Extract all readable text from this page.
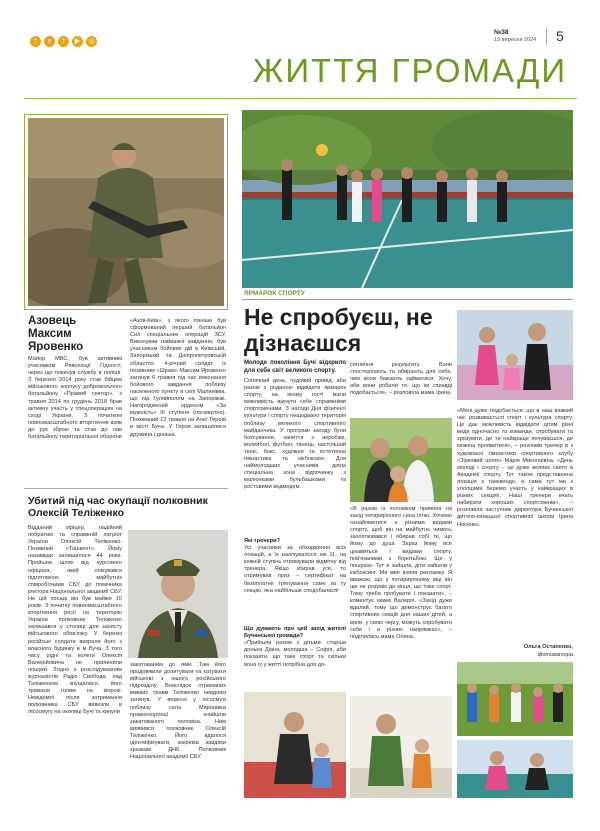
f v t ▶ ◎
№38
19 вересня 2024 5
ЖИТТЯ ГРОМАДИ
Азовець Максим Яровенко
Майор МВС, був активним учасником Революції Гідності, через що покинув службу в поліції. З березня 2014 року став бійцем військового корпусу добровольчого батальйону «Правий сектор», з травня 2014 по грудень 2018 брав активну участь у спецопераціях на сході України. З початком повномасштабного вторгнення взяв до рук зброю та став до лав батальйону територіальної оборони
«Азов-Київ», з якого пізніше був сформований перший батальйон Сил спеціальних операцій ЗСУ. Виконував найважчі завдання, був учасником бойових дій в Київській, Запорізькій та Дніпропетровській областях. 4-річний солдат із позивним «Шрам» Максим Яровенко загинув 6 травня під час виконання бойового завдання поблизу населеного пункту в селі Малинівка, що під Гуляйполем на Запоріжжі. Нагороджений орденом «За мужність» III ступеня (посмертно). Похований 12 травня на Алеї Героїв в місті Буча. У Героя залишилися дружина і донька.
Убитий під час окупації полковник Олексій Теліженко
Відданий офіцер, надійний побратим та справжній патріот України Олексій Теліженко. Позивний «Ташкент». Йому назавжди залишилося 44 роки. Пройшов шлях від курсового офіцера, який опікувався підготовкою майбутніх співробітників СБУ, до помічника ректора Національної академії СБУ. Не цій посаді він був майже 10 років. З початку повномасштабного вторгнення росії на територію України полковник Теліженко залишався у столиці для захисту військового обов'язку. У березні російські солдати викрали його з власного будинку в м Буча. З того часу рідні та колеги Олексія Валерійовича не припиняли пошуки. Згідно з розслідуванням журналістів Радіо Свобода, над Теліженком знущалися, його тримали голим на морозі. Невідомої після затримання полковника СБУ вивезли в лісосмугу на околиці Бучі та кинули
закатованим до ями. Там його продовжили допитувати та катувати військові з іншого російського підрозділу. Внаслідок отриманих важких травм Теліженко невдовзі загинув. У вересні у лісосмузі поблизу села Миронівка правоохоронці знайшли закатованого чоловіка. Ним виявився полковник Олексій Теліженко. Його вдалося ідентифікувати, зокрема завдяки зразкам ДНК. Полковник Національної академії СБУ.
ЯРМАРОК СПОРТУ
Не спробуєш, не дізнаєшся
Молоде покоління Бучі відкрило для себе світ великого спорту.
Сонячний день, чудовий привід, аби разом з родиною відвідати ярмарок спорту, на якому гості мали можливість відчути себе справжніми спортсменами. З нагоди Дня фізичної культури і спорту нещодавно територія поблизу великого спортивного майданчика. У програмі заходу були боксування, заняття з аеробіки, волейбол, футбол, танець, настільний теніс, бокс, художня та естетична гімнастика та кікбоксинг. Для наймолодших учасників діяла спеціальна зона відпочинку з малюнками бульбашками та ростовими ведмедем.
Які тренери?
Усі учасники за обходження всіх локацій, а їх налічувалося аж 11, на кожній ступінь отримували відмітку від тренера. Якщо збирав усе, то отримував приз – сертифікат на безоплатне тренування саме за ту секцію, яка найбільше сподобалася!
Що думають про цей захід жителі Бучанської громади?
«Прийшли разом з дітьми: старша донька Діана, молодша – Софія, аби показати, що таке спорт та скільки вона їх у житті потрібна для до-
сягнення результату. Вони спостерігають та обирають для себе, чим вони бажають займатися. Хочу, аби вони робили те, що їм справді подобається», – розповіла мама Ірина.
«В разом із чоловіком привела на захід чотирирічного сина Іллю. Хочемо ознайомитися з різними видами спорту, щоб він на майбутнє чимось захоплювався і обирав собі те, що йому до душі. Зараз йому все цікавиться і видами спорту, пов'язаними з боротьбою. Ще у пошуках. Тут я зайшла, діти зайшли у кікбоксинг. Ми вже взяли рекламку. Я вважаю, що у чотирирічному віці він ще не розуміє до кінця, що таке спорт. Тому треба пробувати і показати», – коментує мама Валерія. «Захід дуже вдалий, тому що демонструє багато спортивних секцій для наших дітей, а вони, у свою чергу, можуть спробувати себе і в різних напрямках», – поділилась мама Олена.
«Мені дуже подобається, що в наш важкий час розвивається спорт і культура спорту. Це дає можливість відвідати дітям різні види одночасно та команди, спробувати та зрозуміти, де ти найкраще почуваєшся, де можеш проявитися», – розповів тренер в з художньої гімнастики спортивного клубу «Зірковий шлях» Марія Миколаївна. «День молоді і спорту – це дуже велике свято в Академії спорту. Тут також представлена локація з таеквондо, а сама тут ми з хлопцями беремо участь у найкращих в різних секціях. Наші тренери вчать набирати хороших спортсменів», – розповіла заступник директора Бучанської дитячо-юнацької спортивної школи Ірина Носенко.
Ольга Остапенко,
фотоватора
